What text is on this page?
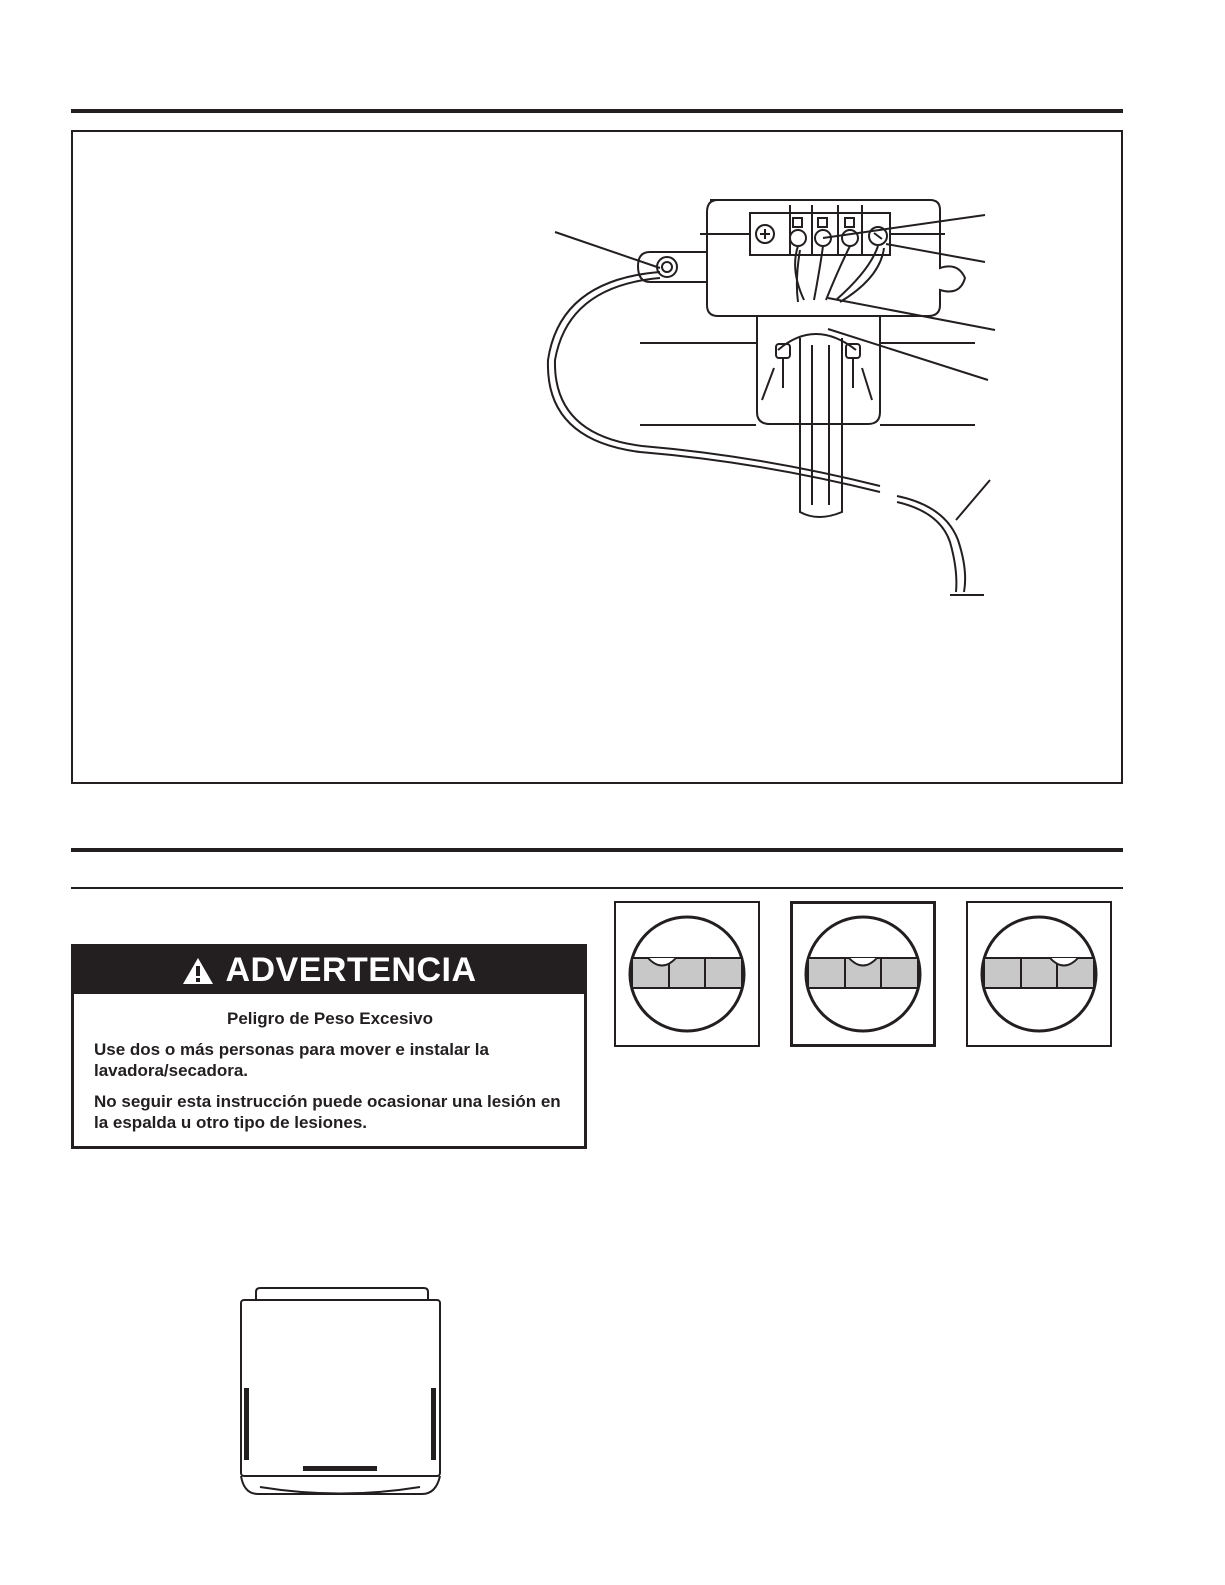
ADVERTENCIA
Peligro de Peso Excesivo

Use dos o más personas para mover e instalar la lavadora/secadora.

No seguir esta instrucción puede ocasionar una lesión en la espalda u otro tipo de lesiones.
